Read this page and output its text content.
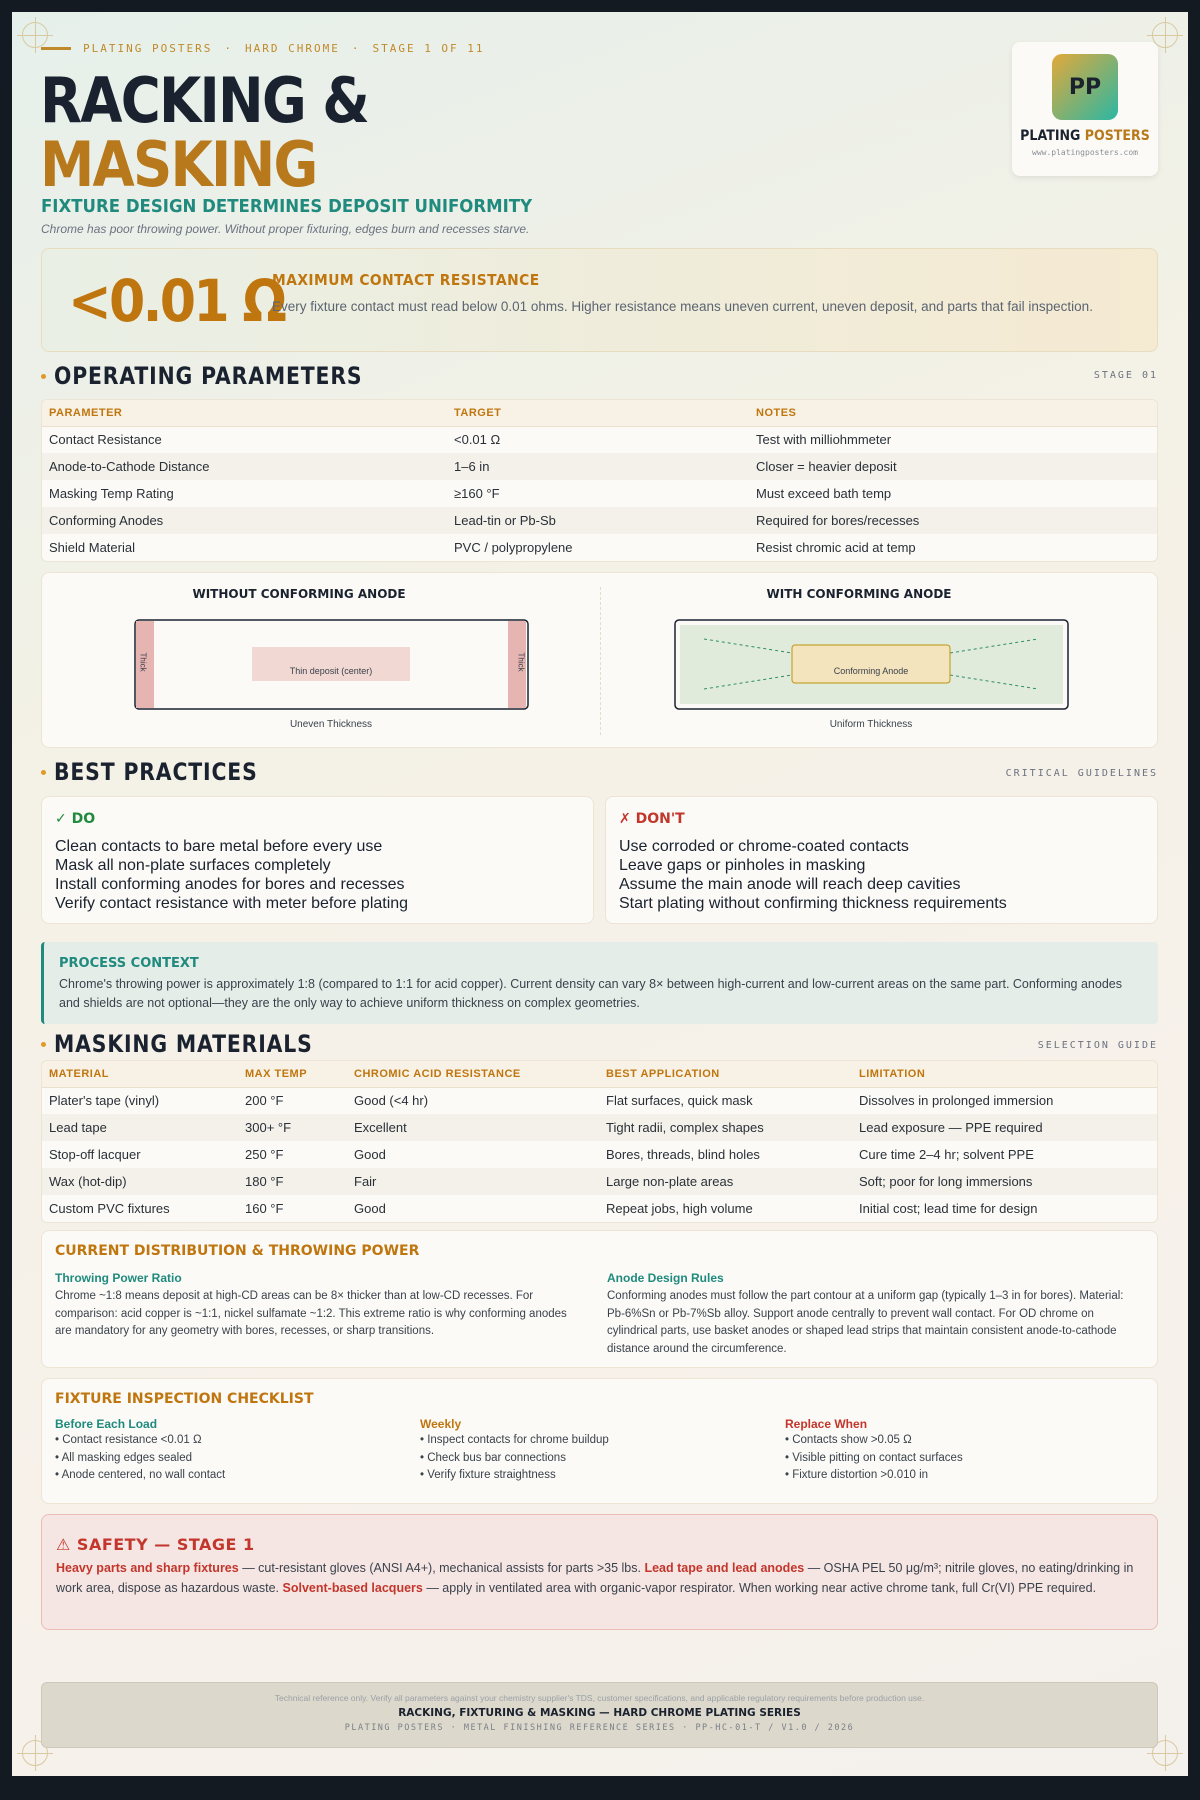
PLATING POSTERS · HARD CHROME · STAGE 1 OF 11
RACKING &
MASKING
FIXTURE DESIGN DETERMINES DEPOSIT UNIFORMITY
Chrome has poor throwing power. Without proper fixturing, edges burn and recesses starve.
PP
PLATING POSTERS
www.platingposters.com
<0.01 Ω
MAXIMUM CONTACT RESISTANCE
Every fixture contact must read below 0.01 ohms. Higher resistance means uneven current, uneven deposit, and parts that fail inspection.
OPERATING PARAMETERS	STAGE 01
PARAMETER	TARGET	NOTES
Contact Resistance	<0.01 Ω	Test with milliohmmeter
Anode-to-Cathode Distance	1–6 in	Closer = heavier deposit
Masking Temp Rating	≥160 °F	Must exceed bath temp
Conforming Anodes	Lead-tin or Pb-Sb	Required for bores/recesses
Shield Material	PVC / polypropylene	Resist chromic acid at temp
WITHOUT CONFORMING ANODE
Thin deposit (center)
Thick	Thick
Uneven Thickness
WITH CONFORMING ANODE
Conforming Anode
Uniform Thickness
BEST PRACTICES	CRITICAL GUIDELINES
✓ DO
Clean contacts to bare metal before every use
Mask all non-plate surfaces completely
Install conforming anodes for bores and recesses
Verify contact resistance with meter before plating
✗ DON'T
Use corroded or chrome-coated contacts
Leave gaps or pinholes in masking
Assume the main anode will reach deep cavities
Start plating without confirming thickness requirements
PROCESS CONTEXT
Chrome's throwing power is approximately 1:8 (compared to 1:1 for acid copper). Current density can vary 8× between high-current and low-current areas on the same part. Conforming anodes and shields are not optional—they are the only way to achieve uniform thickness on complex geometries.
MASKING MATERIALS	SELECTION GUIDE
MATERIAL	MAX TEMP	CHROMIC ACID RESISTANCE	BEST APPLICATION	LIMITATION
Plater's tape (vinyl)	200 °F	Good (<4 hr)	Flat surfaces, quick mask	Dissolves in prolonged immersion
Lead tape	300+ °F	Excellent	Tight radii, complex shapes	Lead exposure — PPE required
Stop-off lacquer	250 °F	Good	Bores, threads, blind holes	Cure time 2–4 hr; solvent PPE
Wax (hot-dip)	180 °F	Fair	Large non-plate areas	Soft; poor for long immersions
Custom PVC fixtures	160 °F	Good	Repeat jobs, high volume	Initial cost; lead time for design
CURRENT DISTRIBUTION & THROWING POWER
Throwing Power Ratio
Chrome ~1:8 means deposit at high-CD areas can be 8× thicker than at low-CD recesses. For comparison: acid copper is ~1:1, nickel sulfamate ~1:2. This extreme ratio is why conforming anodes are mandatory for any geometry with bores, recesses, or sharp transitions.
Anode Design Rules
Conforming anodes must follow the part contour at a uniform gap (typically 1–3 in for bores). Material: Pb-6%Sn or Pb-7%Sb alloy. Support anode centrally to prevent wall contact. For OD chrome on cylindrical parts, use basket anodes or shaped lead strips that maintain consistent anode-to-cathode distance around the circumference.
FIXTURE INSPECTION CHECKLIST
Before Each Load
• Contact resistance <0.01 Ω
• All masking edges sealed
• Anode centered, no wall contact
Weekly
• Inspect contacts for chrome buildup
• Check bus bar connections
• Verify fixture straightness
Replace When
• Contacts show >0.05 Ω
• Visible pitting on contact surfaces
• Fixture distortion >0.010 in
⚠ SAFETY — STAGE 1
Heavy parts and sharp fixtures — cut-resistant gloves (ANSI A4+), mechanical assists for parts >35 lbs. Lead tape and lead anodes — OSHA PEL 50 μg/m³; nitrile gloves, no eating/drinking in work area, dispose as hazardous waste. Solvent-based lacquers — apply in ventilated area with organic-vapor respirator. When working near active chrome tank, full Cr(VI) PPE required.
Technical reference only. Verify all parameters against your chemistry supplier's TDS, customer specifications, and applicable regulatory requirements before production use.
RACKING, FIXTURING & MASKING — HARD CHROME PLATING SERIES
PLATING POSTERS · METAL FINISHING REFERENCE SERIES · PP-HC-01-T / V1.0 / 2026
